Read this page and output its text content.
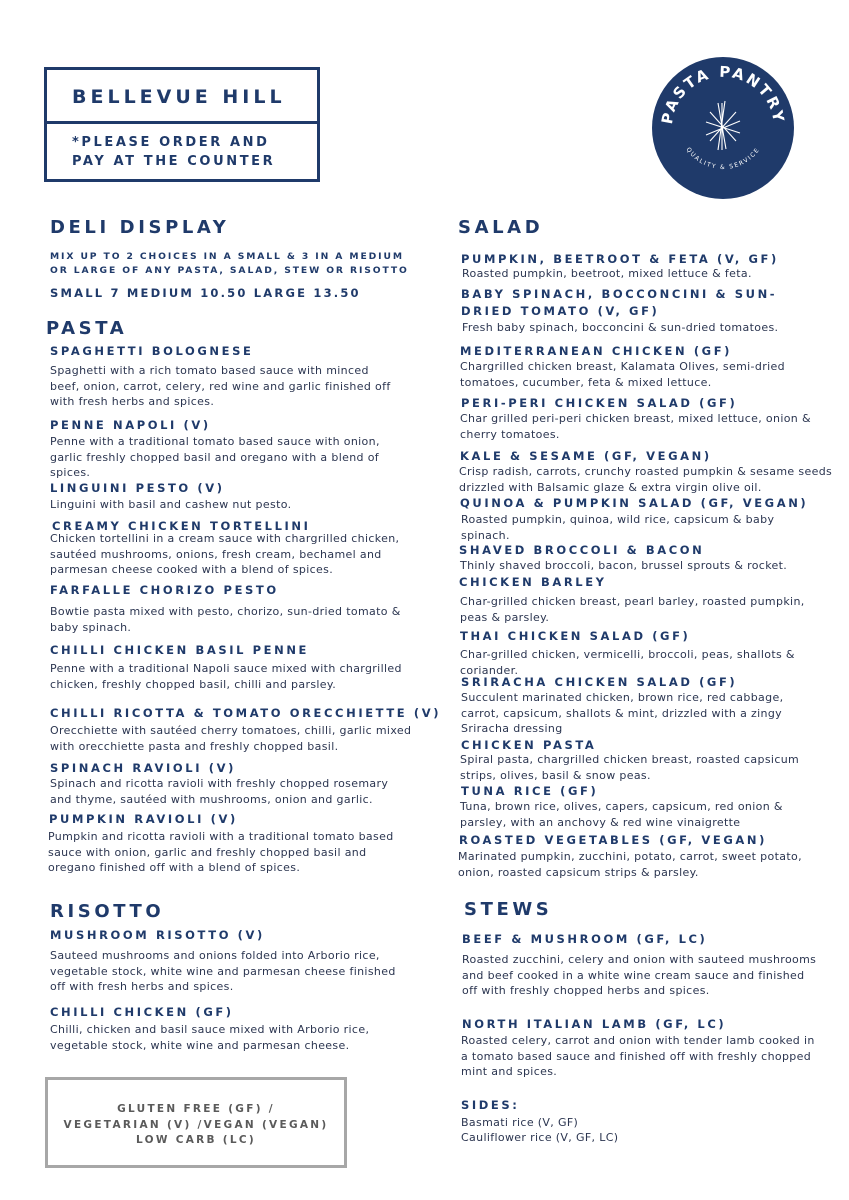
BELLEVUE HILL
*PLEASE ORDER AND
PAY AT THE COUNTER
PASTA PANTRY
QUALITY & SERVICE
DELI DISPLAY
MIX UP TO 2 CHOICES IN A SMALL & 3 IN A MEDIUM
OR LARGE OF ANY PASTA, SALAD, STEW OR RISOTTO
SMALL 7 MEDIUM 10.50 LARGE 13.50
PASTA
SPAGHETTI BOLOGNESE
Spaghetti with a rich tomato based sauce with minced beef, onion, carrot, celery, red wine and garlic finished off with fresh herbs and spices.
PENNE NAPOLI (V)
Penne with a traditional tomato based sauce with onion, garlic freshly chopped basil and oregano with a blend of spices.
LINGUINI PESTO (V)
Linguini with basil and cashew nut pesto.
CREAMY CHICKEN TORTELLINI
Chicken tortellini in a cream sauce with chargrilled chicken, sautéed mushrooms, onions, fresh cream, bechamel and parmesan cheese cooked with a blend of spices.
FARFALLE CHORIZO PESTO
Bowtie pasta mixed with pesto, chorizo, sun-dried tomato & baby spinach.
CHILLI CHICKEN BASIL PENNE
Penne with a traditional Napoli sauce mixed with chargrilled chicken, freshly chopped basil, chilli and parsley.
CHILLI RICOTTA & TOMATO ORECCHIETTE (V)
Orecchiette with sautéed cherry tomatoes, chilli, garlic mixed with orecchiette pasta and freshly chopped basil.
SPINACH RAVIOLI (V)
Spinach and ricotta ravioli with freshly chopped rosemary and thyme, sautéed with mushrooms, onion and garlic.
PUMPKIN RAVIOLI (V)
Pumpkin and ricotta ravioli with a traditional tomato based sauce with onion, garlic and freshly chopped basil and oregano finished off with a blend of spices.
RISOTTO
MUSHROOM RISOTTO (V)
Sauteed mushrooms and onions folded into Arborio rice, vegetable stock, white wine and parmesan cheese finished off with fresh herbs and spices.
CHILLI CHICKEN (GF)
Chilli, chicken and basil sauce mixed with Arborio rice, vegetable stock, white wine and parmesan cheese.
GLUTEN FREE (GF) /
VEGETARIAN (V) /VEGAN (VEGAN)
LOW CARB (LC)
SALAD
PUMPKIN, BEETROOT & FETA (V, GF)
Roasted pumpkin, beetroot, mixed lettuce & feta.
BABY SPINACH, BOCCONCINI & SUN-
DRIED TOMATO (V, GF)
Fresh baby spinach, bocconcini & sun-dried tomatoes.
MEDITERRANEAN CHICKEN (GF)
Chargrilled chicken breast, Kalamata Olives, semi-dried tomatoes, cucumber, feta & mixed lettuce.
PERI-PERI CHICKEN SALAD (GF)
Char grilled peri-peri chicken breast, mixed lettuce, onion & cherry tomatoes.
KALE & SESAME (GF, VEGAN)
Crisp radish, carrots, crunchy roasted pumpkin & sesame seeds drizzled with Balsamic glaze & extra virgin olive oil.
QUINOA & PUMPKIN SALAD (GF, VEGAN)
Roasted pumpkin, quinoa, wild rice, capsicum & baby spinach.
SHAVED BROCCOLI & BACON
Thinly shaved broccoli, bacon, brussel sprouts & rocket.
CHICKEN BARLEY
Char-grilled chicken breast, pearl barley, roasted pumpkin, peas & parsley.
THAI CHICKEN SALAD (GF)
Char-grilled chicken, vermicelli, broccoli, peas, shallots & coriander.
SRIRACHA CHICKEN SALAD (GF)
Succulent marinated chicken, brown rice, red cabbage, carrot, capsicum, shallots & mint, drizzled with a zingy Sriracha dressing
CHICKEN PASTA
Spiral pasta, chargrilled chicken breast, roasted capsicum strips, olives, basil & snow peas.
TUNA RICE (GF)
Tuna, brown rice, olives, capers, capsicum, red onion & parsley, with an anchovy & red wine vinaigrette
ROASTED VEGETABLES (GF, VEGAN)
Marinated pumpkin, zucchini, potato, carrot, sweet potato, onion, roasted capsicum strips & parsley.
STEWS
BEEF & MUSHROOM (GF, LC)
Roasted zucchini, celery and onion with sauteed mushrooms and beef cooked in a white wine cream sauce and finished off with freshly chopped herbs and spices.
NORTH ITALIAN LAMB (GF, LC)
Roasted celery, carrot and onion with tender lamb cooked in a tomato based sauce and finished off with freshly chopped mint and spices.
SIDES:
Basmati rice (V, GF)
Cauliflower rice (V, GF, LC)
